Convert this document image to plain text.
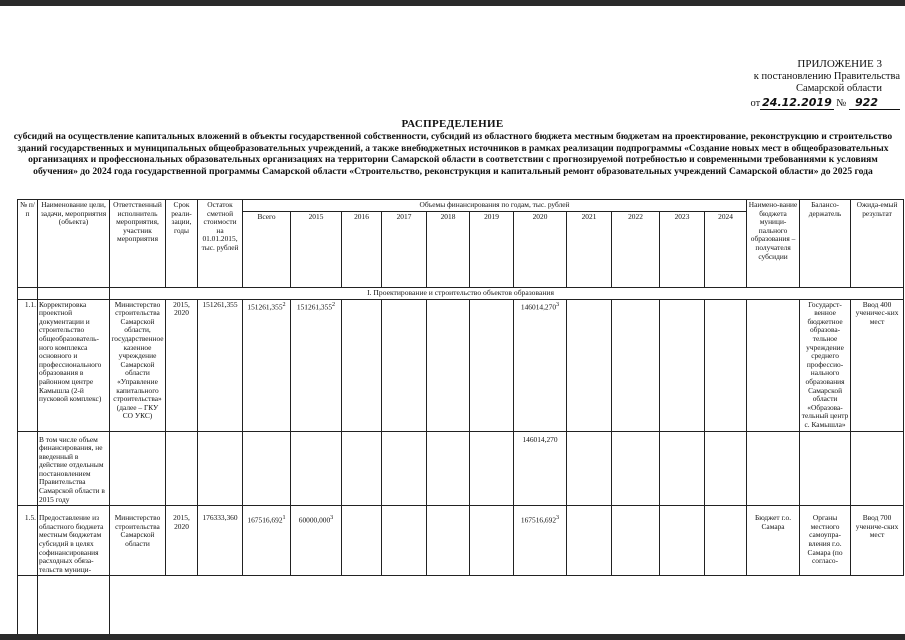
ПРИЛОЖЕНИЕ 3
к постановлению Правительства
Самарской области
от 24.12.2019 № 922
РАСПРЕДЕЛЕНИЕ
субсидий на осуществление капитальных вложений в объекты государственной собственности, субсидий из областного бюджета местным бюджетам на проектирование, реконструкцию и строительство зданий государственных и муниципальных общеобразовательных учреждений, а также внебюджетных источников в рамках реализации подпрограммы «Создание новых мест в общеобразовательных организациях и профессиональных образовательных организациях на территории Самарской области в соответствии с прогнозируемой потребностью и современными требованиями к условиям обучения» до 2024 года государственной программы Самарской области «Строительство, реконструкция и капитальный ремонт образовательных учреждений Самарской области» до 2025 года
№ п/п	Наименование цели, задачи, мероприятия (объекта)	Ответственный исполнитель мероприятия, участник мероприятия	Срок реали-зации, годы	Остаток сметной стоимости на 01.01.2015, тыс. рублей	Объемы финансирования по годам, тыс. рублей											Наимено-вание бюджета муници-пального образования – получателя субсидии	Балансо-держатель	Ожида-емый результат
					Всего	2015	2016	2017	2018	2019	2020	2021	2022	2023	2024			
I. Проектирование и строительство объектов образования																		
1.1.	Корректировка проектной документации и строительство общеобразователь-ного комплекса основного и профессионального образования в районном центре Камышла (2-й пусковой комплекс)	Министерство строительства Самарской области, государственное казенное учреждение Самарской области «Управление капитального строительства» (далее – ГКУ СО УКС)	2015, 2020	151261,355	151261,355$^2$	151261,355$^2$					146014,270$^3$						Государст-венное бюджетное образова-тельное учреждение среднего профессио-нального образования Самарской области «Образова-тельный центр с. Камышла»	Ввод 400 ученичес-ких мест
	В том числе объем финансирования, не введенный в действие отдельным постановлением Правительства Самарской области в 2015 году										146014,270							
1.5.	Предоставление из областного бюджета местным бюджетам субсидий в целях софинансирования расходных обяза-тельств муници-	Министерство строительства Самарской области	2015, 2020	176333,360	167516,692$^1$	60000,000$^3$					167516,692$^3$					Бюджет г.о. Самара	Органы местного самоупра-вления г.о. Самара (по согласо-	Ввод 700 учениче-ских мест
